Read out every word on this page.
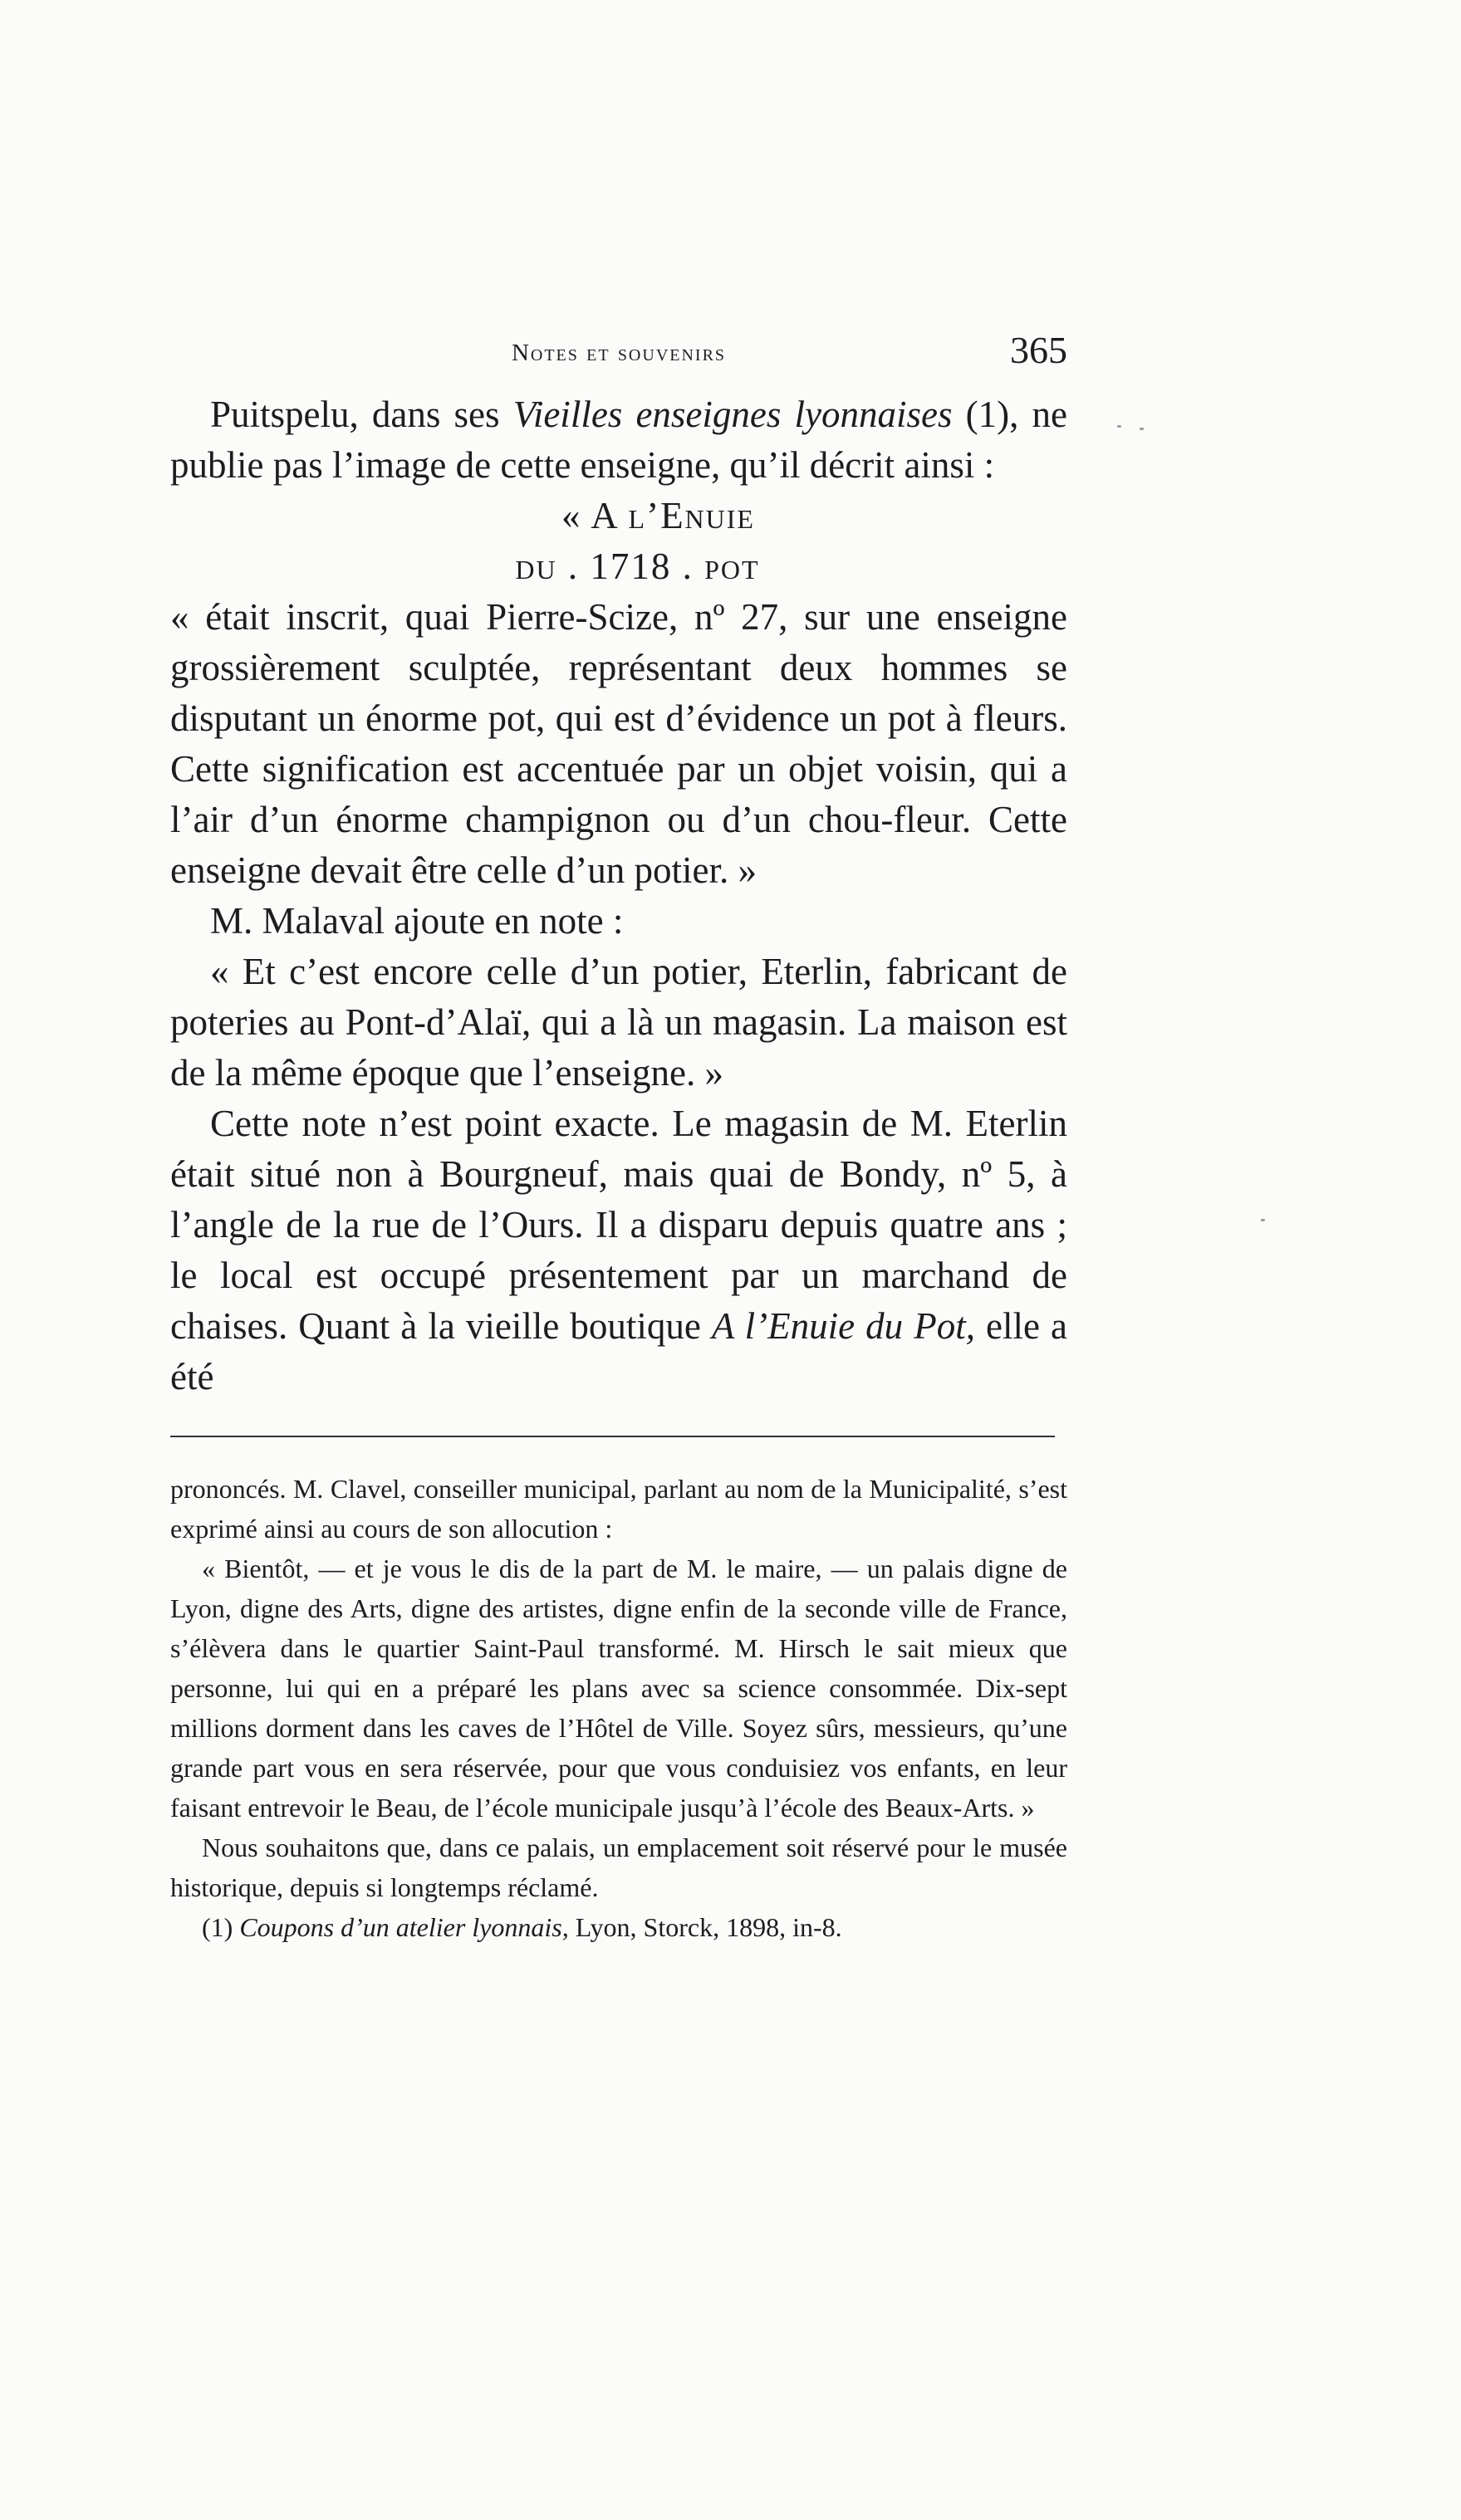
Notes et souvenirs	365

Puitspelu, dans ses Vieilles enseignes lyonnaises (1), ne publie pas l’image de cette enseigne, qu’il décrit ainsi :

« A l’Enuie

du . 1718 . pot

« était inscrit, quai Pierre-Scize, nº 27, sur une enseigne grossièrement sculptée, représentant deux hommes se disputant un énorme pot, qui est d’évidence un pot à fleurs. Cette signification est accentuée par un objet voisin, qui a l’air d’un énorme champignon ou d’un chou-fleur. Cette enseigne devait être celle d’un potier. »

M. Malaval ajoute en note :

« Et c’est encore celle d’un potier, Eterlin, fabricant de poteries au Pont-d’Alaï, qui a là un magasin. La maison est de la même époque que l’enseigne. »

Cette note n’est point exacte. Le magasin de M. Eterlin était situé non à Bourgneuf, mais quai de Bondy, nº 5, à l’angle de la rue de l’Ours. Il a disparu depuis quatre ans ; le local est occupé présentement par un marchand de chaises. Quant à la vieille boutique A l’Enuie du Pot, elle a été

prononcés. M. Clavel, conseiller municipal, parlant au nom de la Municipalité, s’est exprimé ainsi au cours de son allocution :

« Bientôt, — et je vous le dis de la part de M. le maire, — un palais digne de Lyon, digne des Arts, digne des artistes, digne enfin de la seconde ville de France, s’élèvera dans le quartier Saint-Paul transformé. M. Hirsch le sait mieux que personne, lui qui en a préparé les plans avec sa science consommée. Dix-sept millions dorment dans les caves de l’Hôtel de Ville. Soyez sûrs, messieurs, qu’une grande part vous en sera réservée, pour que vous conduisiez vos enfants, en leur faisant entrevoir le Beau, de l’école municipale jusqu’à l’école des Beaux-Arts. »

Nous souhaitons que, dans ce palais, un emplacement soit réservé pour le musée historique, depuis si longtemps réclamé.

(1) Coupons d’un atelier lyonnais, Lyon, Storck, 1898, in-8.
